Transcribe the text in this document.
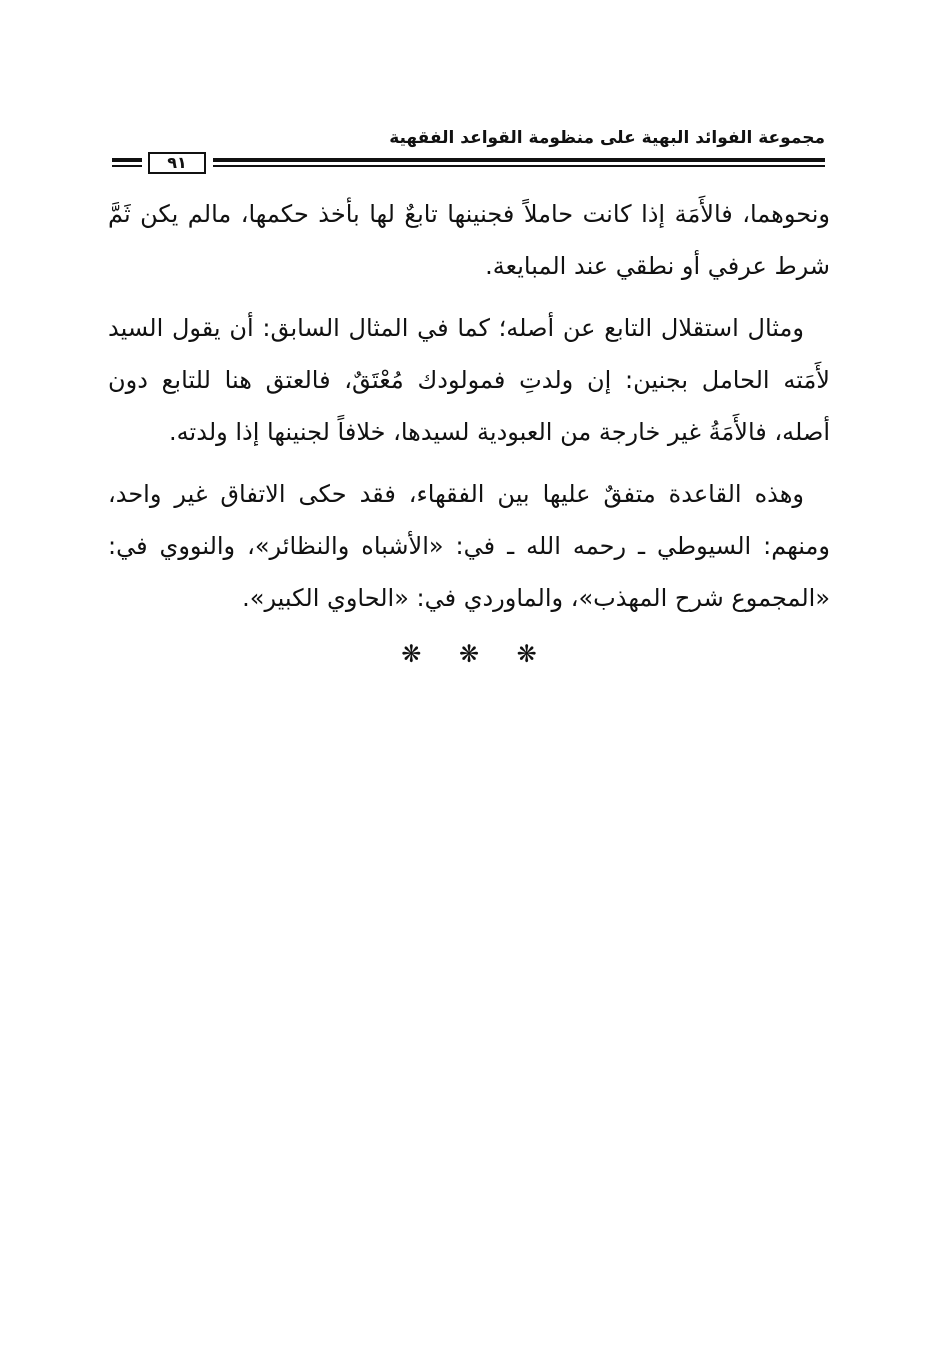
مجموعة الفوائد البهية على منظومة القواعد الفقهية
٩١

ونحوهما، فالأَمَة إذا كانت حاملاً فجنينها تابعٌ لها بأخذ حكمها، مالم يكن ثَمَّ شرط عرفي أو نطقي عند المبايعة.

ومثال استقلال التابع عن أصله؛ كما في المثال السابق: أن يقول السيد لأَمَته الحامل بجنين: إن ولدتِ فمولودك مُعْتَقٌ، فالعتق هنا للتابع دون أصله، فالأَمَةُ غير خارجة من العبودية لسيدها، خلافاً لجنينها إذا ولدته.

وهذه القاعدة متفقٌ عليها بين الفقهاء، فقد حكى الاتفاق غير واحد، ومنهم: السيوطي ـ رحمه الله ـ في: «الأشباه والنظائر»، والنووي في: «المجموع شرح المهذب»، والماوردي في: «الحاوي الكبير».

❋ ❋ ❋
